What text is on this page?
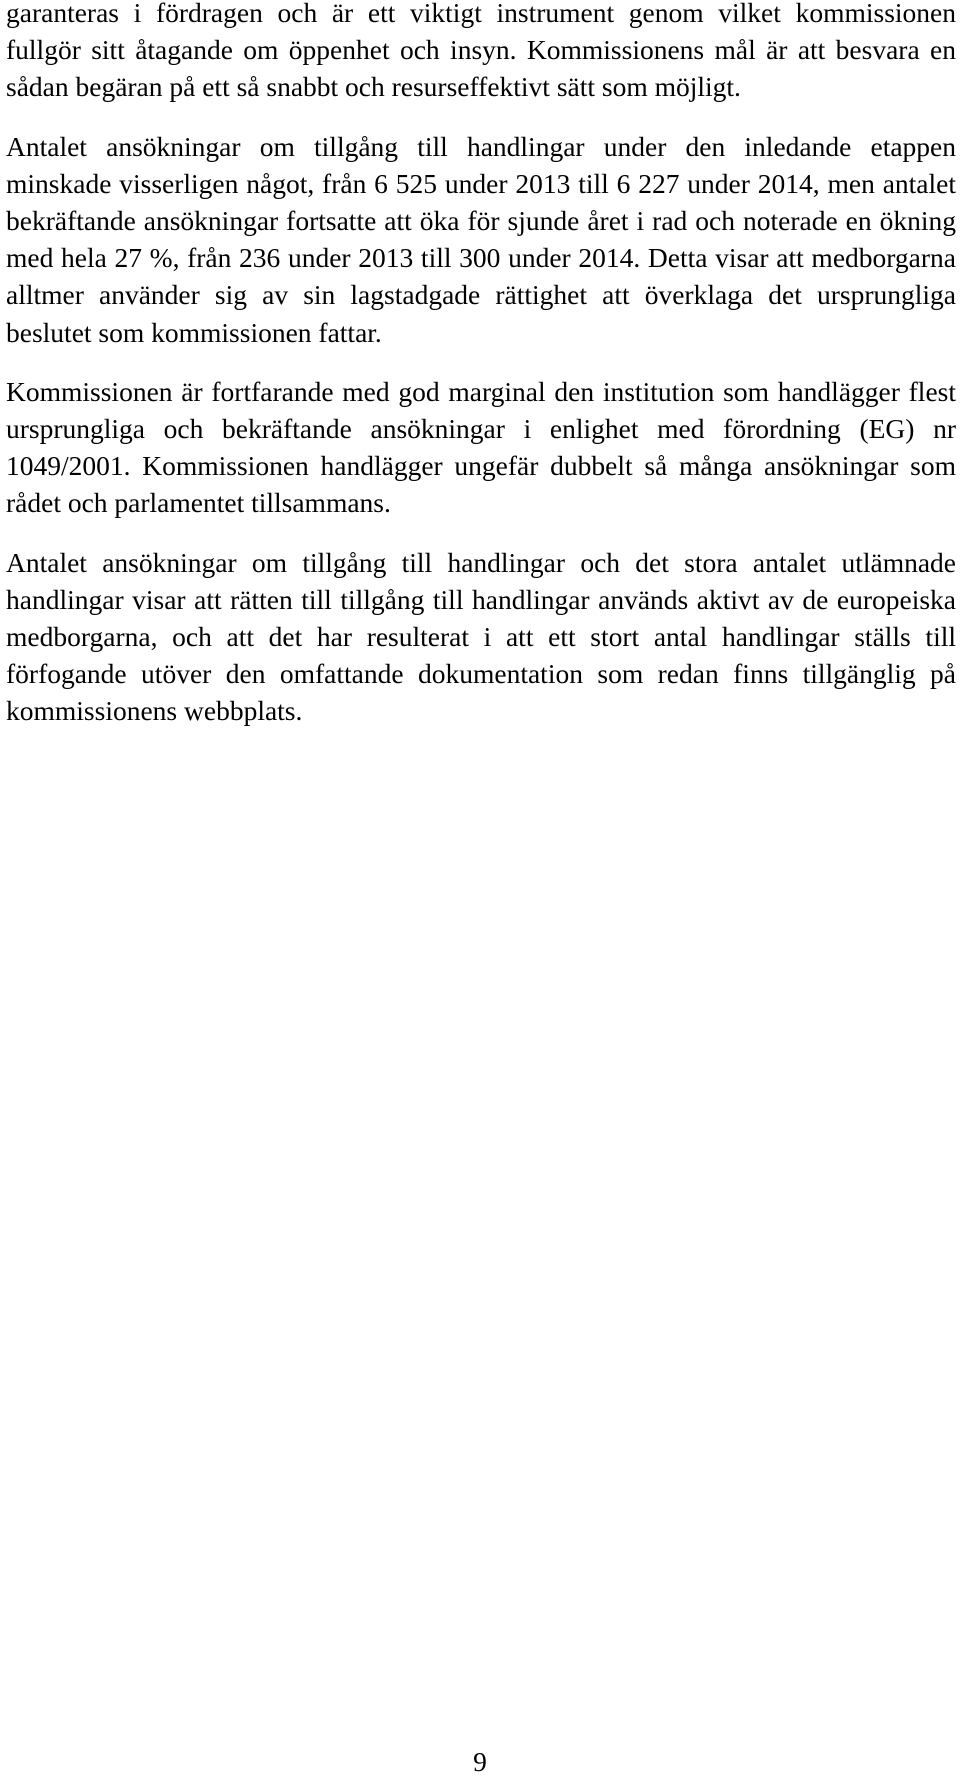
garanteras i fördragen och är ett viktigt instrument genom vilket kommissionen fullgör sitt åtagande om öppenhet och insyn. Kommissionens mål är att besvara en sådan begäran på ett så snabbt och resurseffektivt sätt som möjligt.

Antalet ansökningar om tillgång till handlingar under den inledande etappen minskade visserligen något, från 6 525 under 2013 till 6 227 under 2014, men antalet bekräftande ansökningar fortsatte att öka för sjunde året i rad och noterade en ökning med hela 27 %, från 236 under 2013 till 300 under 2014. Detta visar att medborgarna alltmer använder sig av sin lagstadgade rättighet att överklaga det ursprungliga beslutet som kommissionen fattar.

Kommissionen är fortfarande med god marginal den institution som handlägger flest ursprungliga och bekräftande ansökningar i enlighet med förordning (EG) nr 1049/2001. Kommissionen handlägger ungefär dubbelt så många ansökningar som rådet och parlamentet tillsammans.

Antalet ansökningar om tillgång till handlingar och det stora antalet utlämnade handlingar visar att rätten till tillgång till handlingar används aktivt av de europeiska medborgarna, och att det har resulterat i att ett stort antal handlingar ställs till förfogande utöver den omfattande dokumentation som redan finns tillgänglig på kommissionens webbplats.

9
